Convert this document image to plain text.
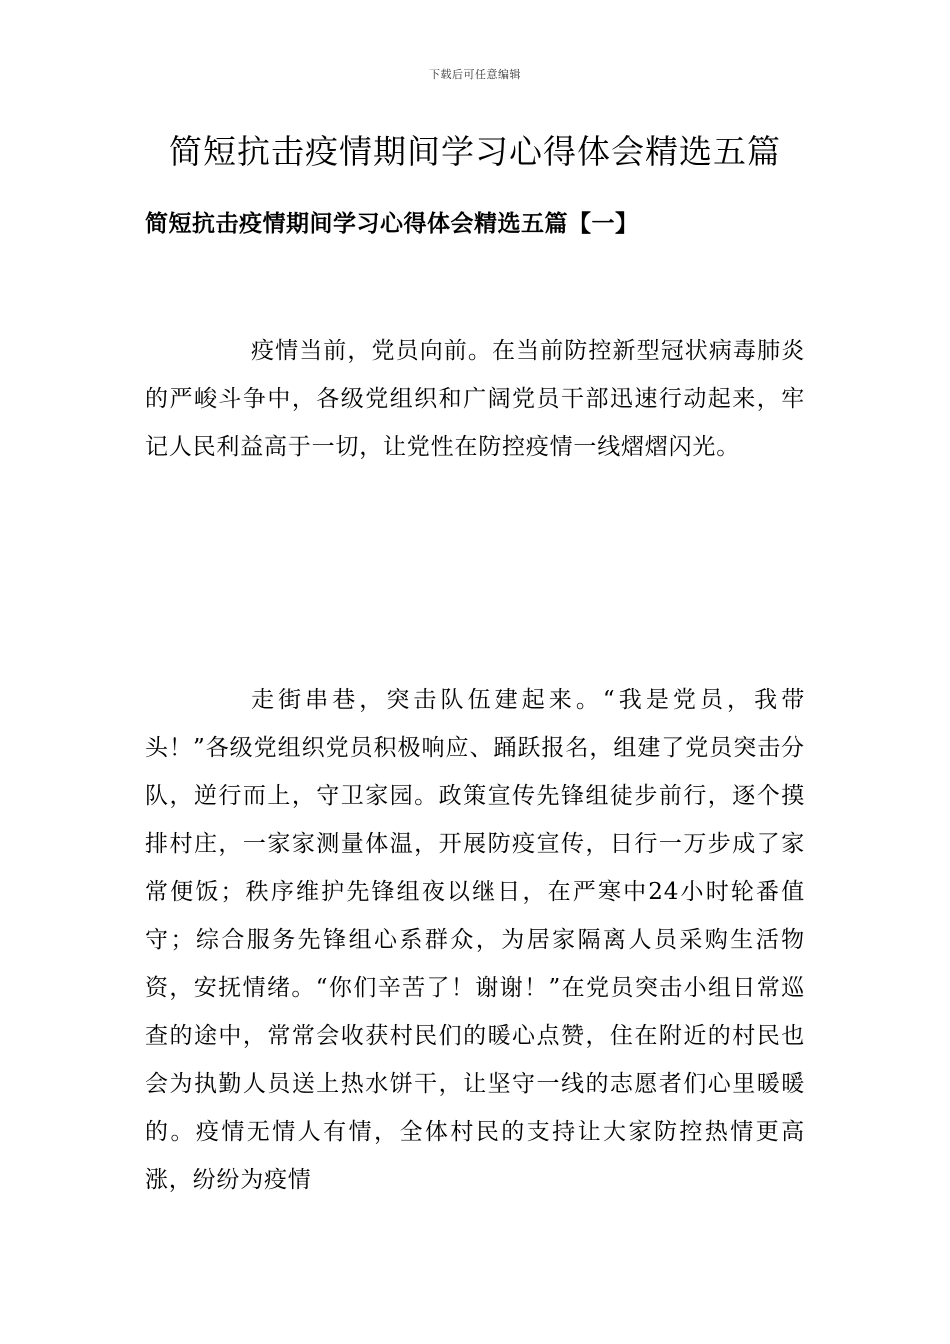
下载后可任意编辑
简短抗击疫情期间学习心得体会精选五篇
简短抗击疫情期间学习心得体会精选五篇【一】

疫情当前，党员向前。在当前防控新型冠状病毒肺炎的严峻斗争中，各级党组织和广阔党员干部迅速行动起来，牢记人民利益高于一切，让党性在防控疫情一线熠熠闪光。

走街串巷，突击队伍建起来。“我是党员，我带头！”各级党组织党员积极响应、踊跃报名，组建了党员突击分队，逆行而上，守卫家园。政策宣传先锋组徒步前行，逐个摸排村庄，一家家测量体温，开展防疫宣传，日行一万步成了家常便饭；秩序维护先锋组夜以继日，在严寒中24小时轮番值守；综合服务先锋组心系群众，为居家隔离人员采购生活物资，安抚情绪。“你们辛苦了！谢谢！”在党员突击小组日常巡查的途中，常常会收获村民们的暖心点赞，住在附近的村民也会为执勤人员送上热水饼干，让坚守一线的志愿者们心里暖暖的。疫情无情人有情，全体村民的支持让大家防控热情更高涨，纷纷为疫情
